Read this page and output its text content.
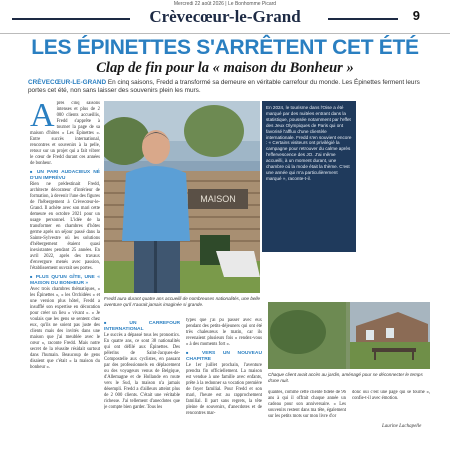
Mercredi 22 août 2026 | Le Bonhomme Picard
Crèvecœur-le-Grand	9
LES ÉPINETTES S'ARRÊTENT CET ÉTÉ
Clap de fin pour la « maison du Bonheur »
CRÈVECŒUR-LE-GRAND En cinq saisons, Fredd a transformé sa demeure en véritable carrefour du monde. Les Épinettes ferment leurs portes cet été, non sans laisser des souvenirs plein les murs.
A près cinq saisons intenses et plus de 2 000 clients accueillis, Fredd s'apprête à tourner la page de sa maison d'hôtes « Les Épinettes ». Entre succès international, rencontres et souvenirs à la pelle, retour sur un projet qui a fait vibrer le cœur de Fredd durant ces années de bonheur.

■ UN PARI AUDACIEUX NÉ D'UN IMPRÉVU

Rien ne prédestinait Fredd, architecte décorateur d'intérieur de formation, à devenir l'une des figures de l'hébergement à Crèvecœur-le-Grand. Il achète avec son mari cette demeure en octobre 2021 pour un usage personnel. L'idée de la transformer en chambres d'hôtes germe après un séjour passé dans la Sainte-Sylvestre où les solutions d'hébergement étaient quasi inexistantes pendant 25 années. En avril 2022, après des travaux d'envergure menés avec passion, l'établissement ouvrait ses portes.

■ PLUS QU'UN GÎTE, UNE « MAISON DU BONHEUR »

Avec trois chambres thématiques, « les Épinettes », « les Orchidées » et une version plus hôtel, Fredd a insufflé son expertise en décoration pour créer un lieu « vivant ». « Je voulais que les gens se sentent chez eux, qu'ils ne soient pas juste des clients mais des invités dans une maison que j'ai meublée avec le cœur », raconte Fredd. Mais notre secret de la réussite résidait surtout dans l'humain. Beaucoup de gens disaient que c'était « la maison du bonheur ».

MAISON

En 2024, le tourisme dans l'Oise a été marqué par des nuitées entrant dans la statistique, poussée notamment par l'effet des Jeux Olympiques de Paris qui ont favorisé l'afflux d'une clientèle internationale. Fredd s'en souvient encore : « Certains visiteurs ont privilégié la campagne pour retrouver du calme après l'effervescence des JO. J'ai même accueilli, à un moment durant, une chambre où la mode était la thème. C'est une année qui m'a particulièrement marqué », raconte-t-il.

Fredd aura durant quatre ans accueilli de nombreuses nationalités, une belle aventure qu'il n'aurait jamais imaginée si grande.
■ UN CARREFOUR INTERNATIONAL

Le succès a dépassé tous les pronostics. En quatre ans, ce sont 38 nationalités qui ont défilé aux Épinettes. Des pèlerins de Saint-Jacques-de-Compostelle aux cyclistes, en passant par des professionnels en déplacement ou des voyageurs venus de Belgique, d'Allemagne et de Hollande en route vers le Sud, la maison n'a jamais désempli. Fredd a d'ailleurs atteint plus de 2 000 clients. C'était une véritable richesse. J'ai tellement d'anecdotes que je compte bien garder. Tous les

types que j'ai pu passer avec eux pendant des petits-déjeuners qui ont été très chaleureux le matin, car ils revenaient plusieurs fois « rendez-vous » à des moments fort ».

■ VERS UN NOUVEAU CHAPITRE

Le 1er juillet prochain, l'aventure prendra fin officiellement. La maison est vendue à une famille avec enfants, prête à la redonner sa vocation première de foyer familial. Pour Fredd et son mari, l'heure est au rapprochement familial. Il part sans regrets, la tête pleine de souvenirs, d'anecdotes et de rencontres mar-

Chaque client avait accès au jardin, aménagé pour se déconnecter le temps d'une nuit.

quantes, comme cette cliente fidèle de 96 ans à qui il offrait chaque année un cadeau pour son anniversaire. « Les souvenirs restent dans ma tête, également sur les petits mots sur mon livre d'or

donc oui c'est une page qui se tourne », confie-t-il avec émotion.

Laurine Lachapelle
